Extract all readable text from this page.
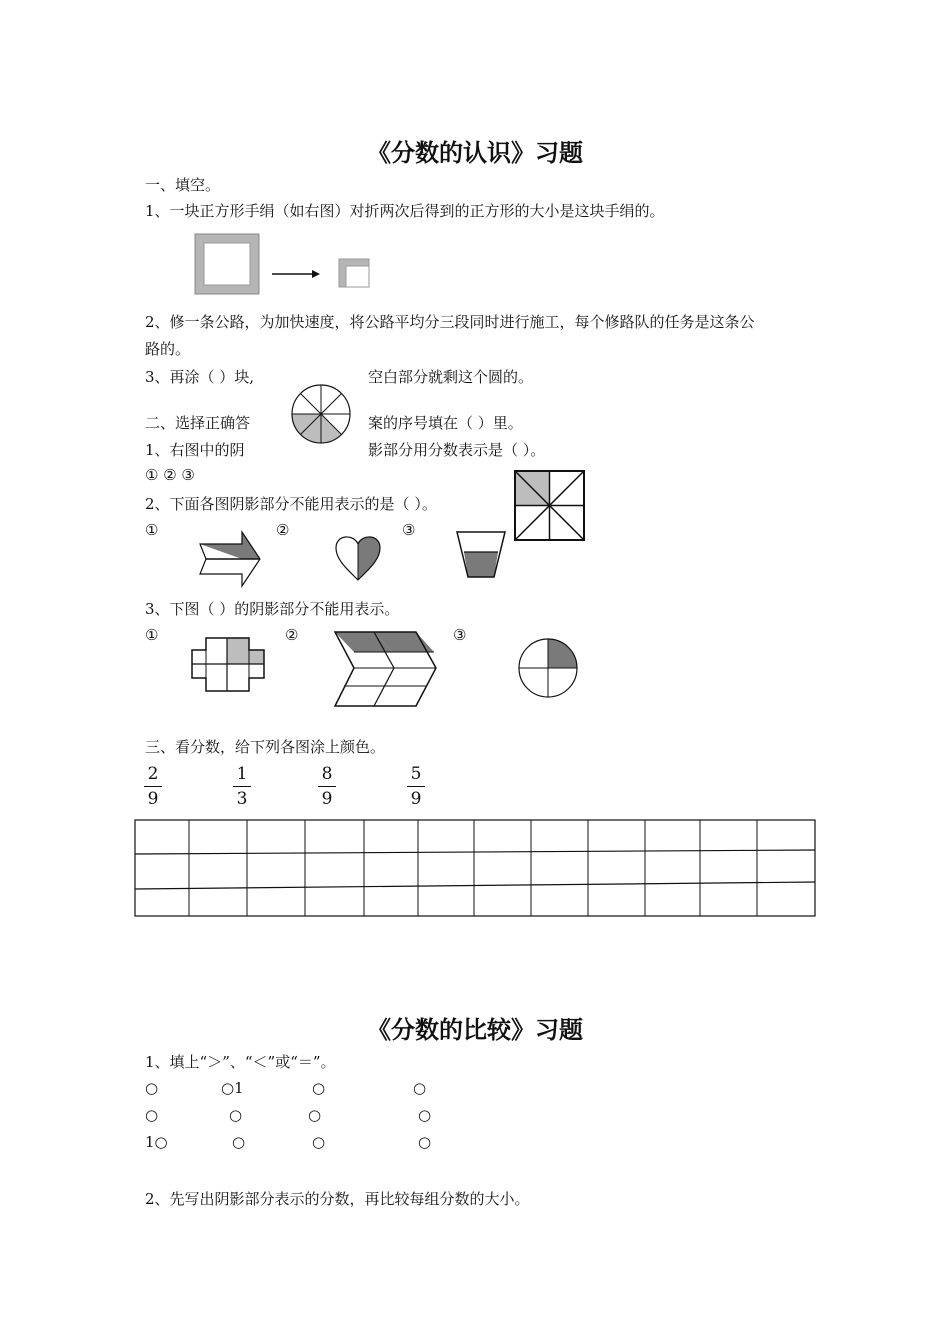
《分数的认识》习题
一、填空。
1、一块正方形手绢（如右图）对折两次后得到的正方形的大小是这块手绢的。
2、修一条公路，为加快速度，将公路平均分三段同时进行施工，每个修路队的任务是这条公
路的。
3、再涂（ ）块,	空白部分就剩这个圆的。
二、选择正确答	案的序号填在（ ）里。
1、右图中的阴	影部分用分数表示是（ ）。
① ② ③
2、下面各图阴影部分不能用表示的是（ ）。
①	②	③
3、下图（ ）的阴影部分不能用表示。
①	②	③
三、看分数，给下列各图涂上颜色。
2
9
1
3
8
9
5
9
《分数的比较》习题
1、填上“＞”、“＜”或“＝”。
○	○1	○	○
○	○	○	○
1○	○	○	○
2、先写出阴影部分表示的分数，再比较每组分数的大小。
